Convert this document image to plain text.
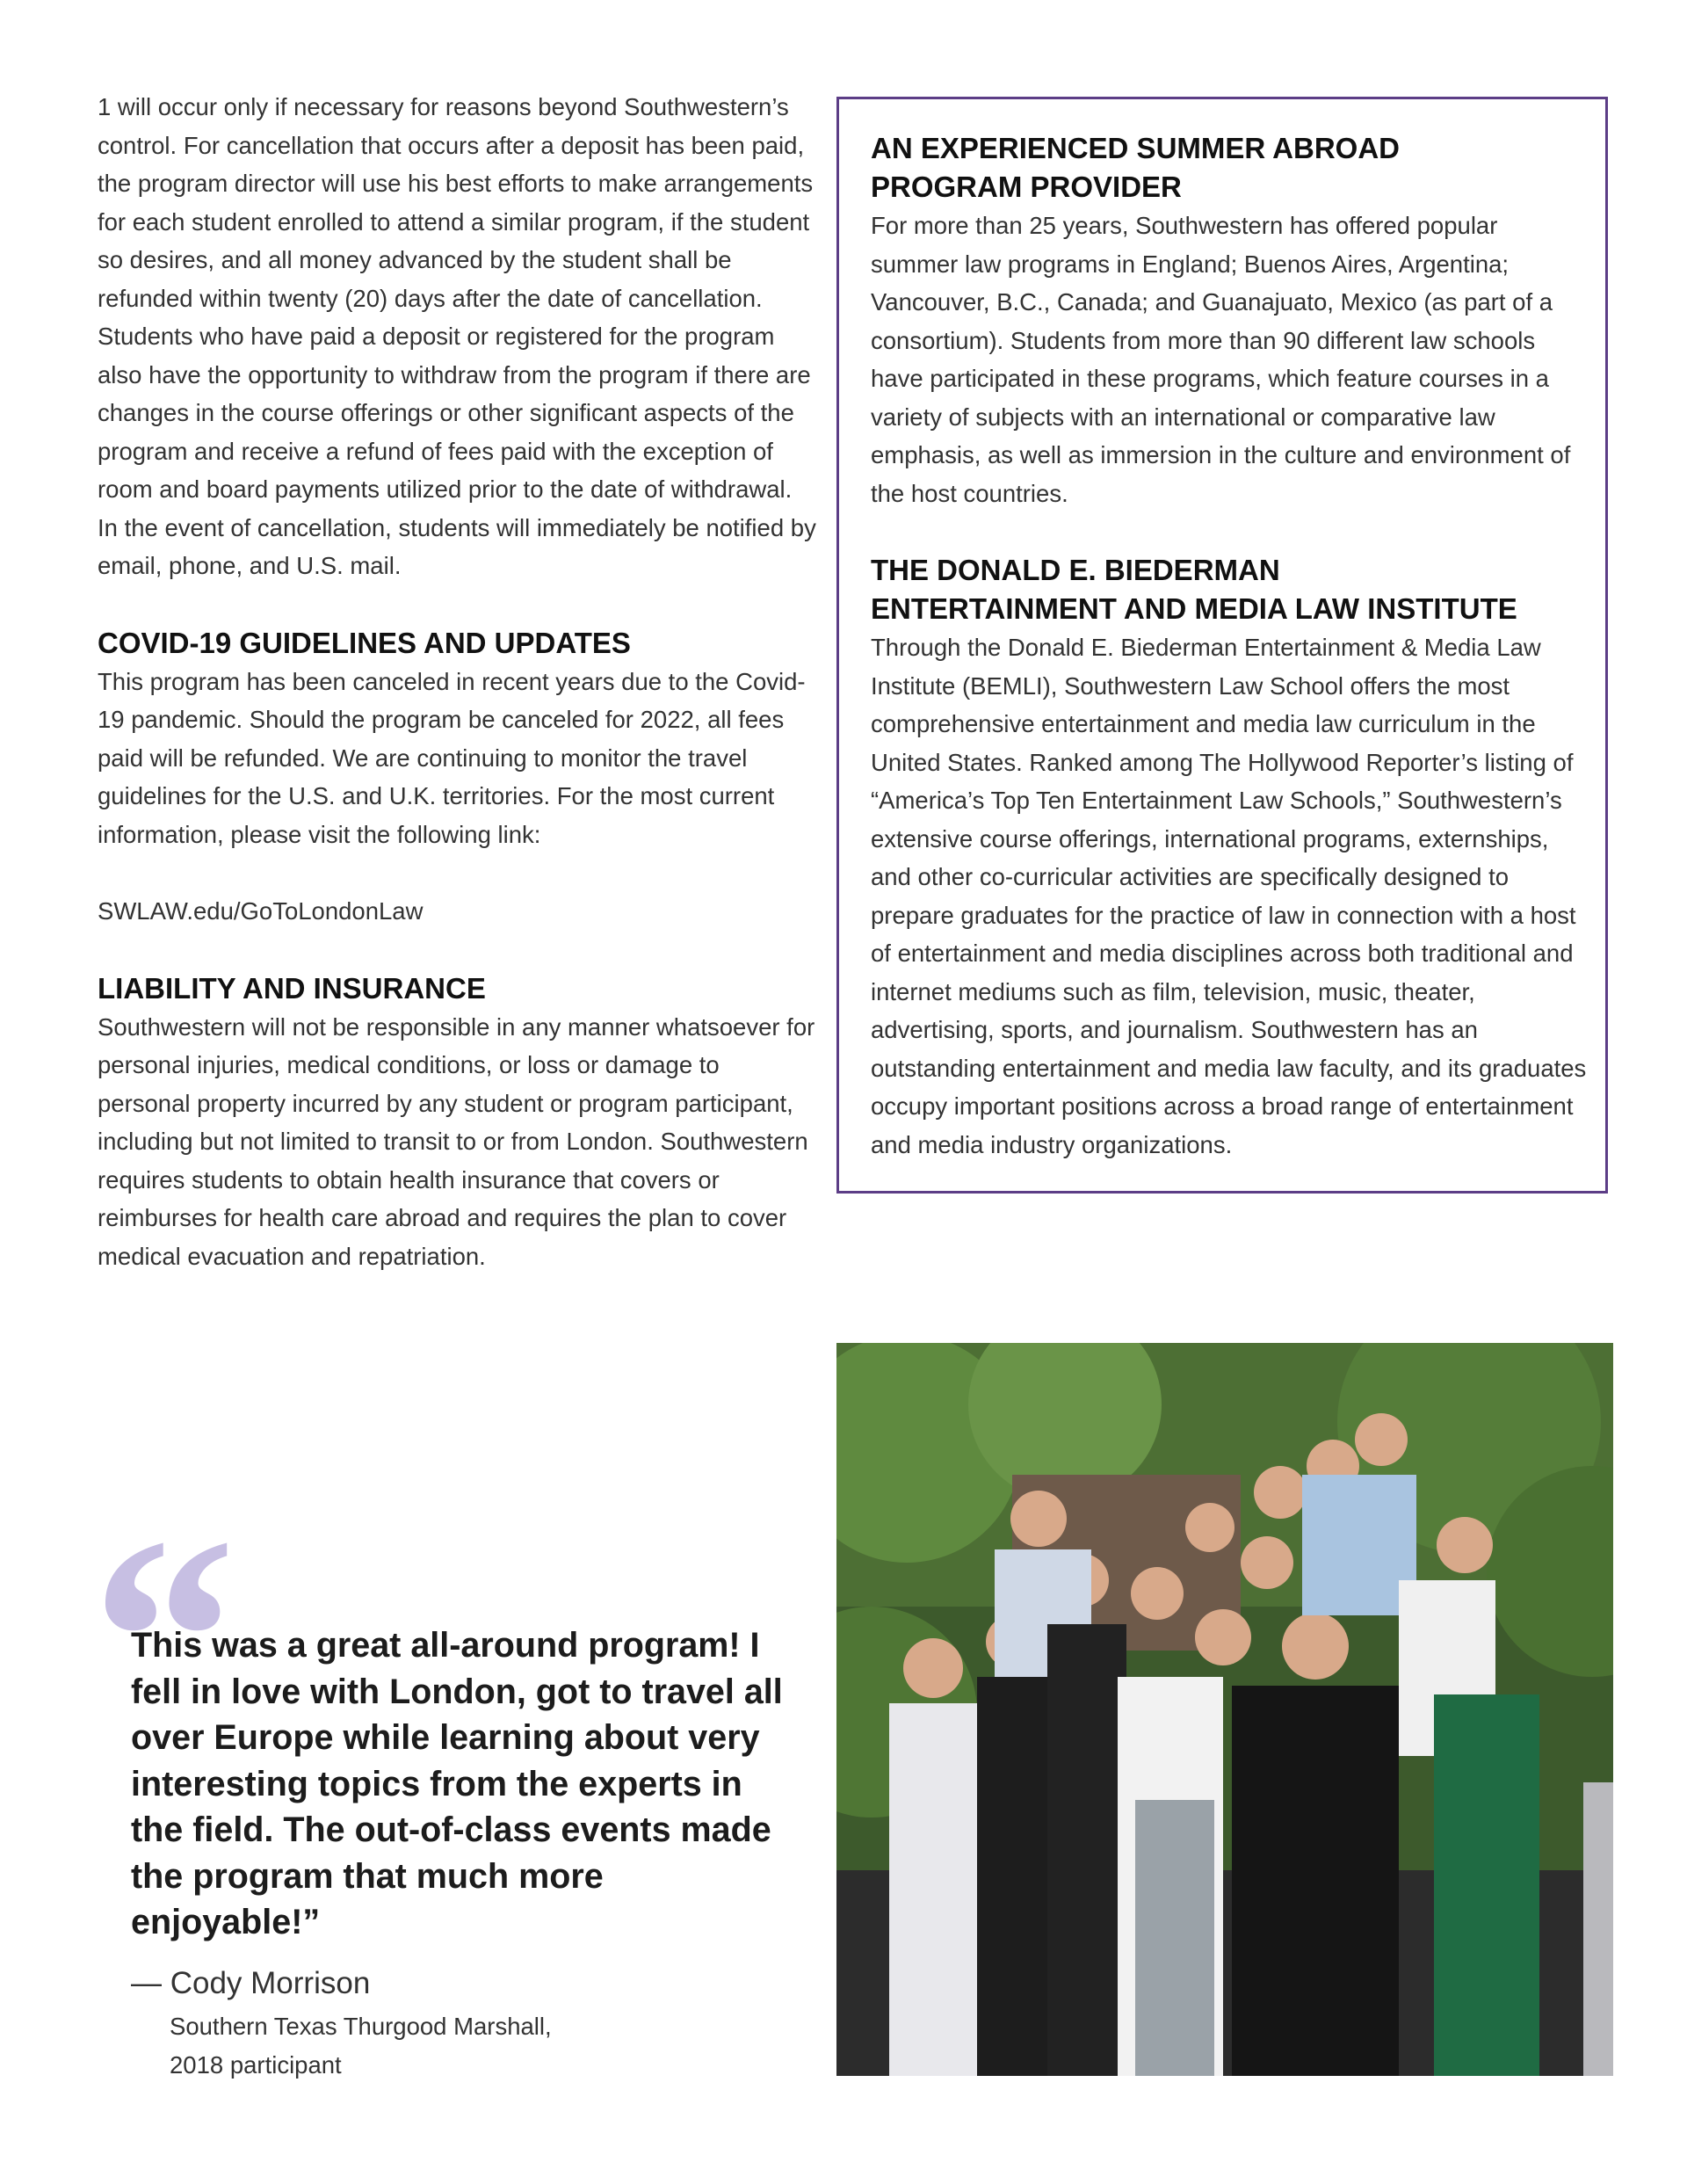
1 will occur only if necessary for reasons beyond Southwestern’s control. For cancellation that occurs after a deposit has been paid, the program director will use his best efforts to make arrangements for each student enrolled to attend a similar program, if the student so desires, and all money advanced by the student shall be refunded within twenty (20) days after the date of cancellation. Students who have paid a deposit or registered for the program also have the opportunity to withdraw from the program if there are changes in the course offerings or other significant aspects of the program and receive a refund of fees paid with the exception of room and board payments utilized prior to the date of withdrawal. In the event of cancellation, students will immediately be notified by email, phone, and U.S. mail.

COVID-19 GUIDELINES AND UPDATES

This program has been canceled in recent years due to the Covid-19 pandemic. Should the program be canceled for 2022, all fees paid will be refunded. We are continuing to monitor the travel guidelines for the U.S. and U.K. territories. For the most current information, please visit the following link:

SWLAW.edu/GoToLondonLaw

LIABILITY AND INSURANCE

Southwestern will not be responsible in any manner whatsoever for personal injuries, medical conditions, or loss or damage to personal property incurred by any student or program participant, including but not limited to transit to or from London. Southwestern requires students to obtain health insurance that covers or reimburses for health care abroad and requires the plan to cover medical evacuation and repatriation.

AN EXPERIENCED SUMMER ABROAD
PROGRAM PROVIDER

For more than 25 years, Southwestern has offered popular summer law programs in England; Buenos Aires, Argentina; Vancouver, B.C., Canada; and Guanajuato, Mexico (as part of a consortium). Students from more than 90 different law schools have participated in these programs, which feature courses in a variety of subjects with an international or comparative law emphasis, as well as immersion in the culture and environment of the host countries.

THE DONALD E. BIEDERMAN
ENTERTAINMENT AND MEDIA LAW INSTITUTE

Through the Donald E. Biederman Entertainment & Media Law Institute (BEMLI), Southwestern Law School offers the most comprehensive entertainment and media law curriculum in the United States. Ranked among The Hollywood Reporter’s listing of “America’s Top Ten Entertainment Law Schools,” Southwestern’s extensive course offerings, international programs, externships, and other co-curricular activities are specifically designed to prepare graduates for the practice of law in connection with a host of entertainment and media disciplines across both traditional and internet mediums such as film, television, music, theater, advertising, sports, and journalism. Southwestern has an outstanding entertainment and media law faculty, and its graduates occupy important positions across a broad range of entertainment and media industry organizations.

“

This was a great all-around program! I fell in love with London, got to travel all over Europe while learning about very interesting topics from the experts in the field. The out-of-class events made the program that much more enjoyable!”

— Cody Morrison
Southern Texas Thurgood Marshall,
2018 participant
